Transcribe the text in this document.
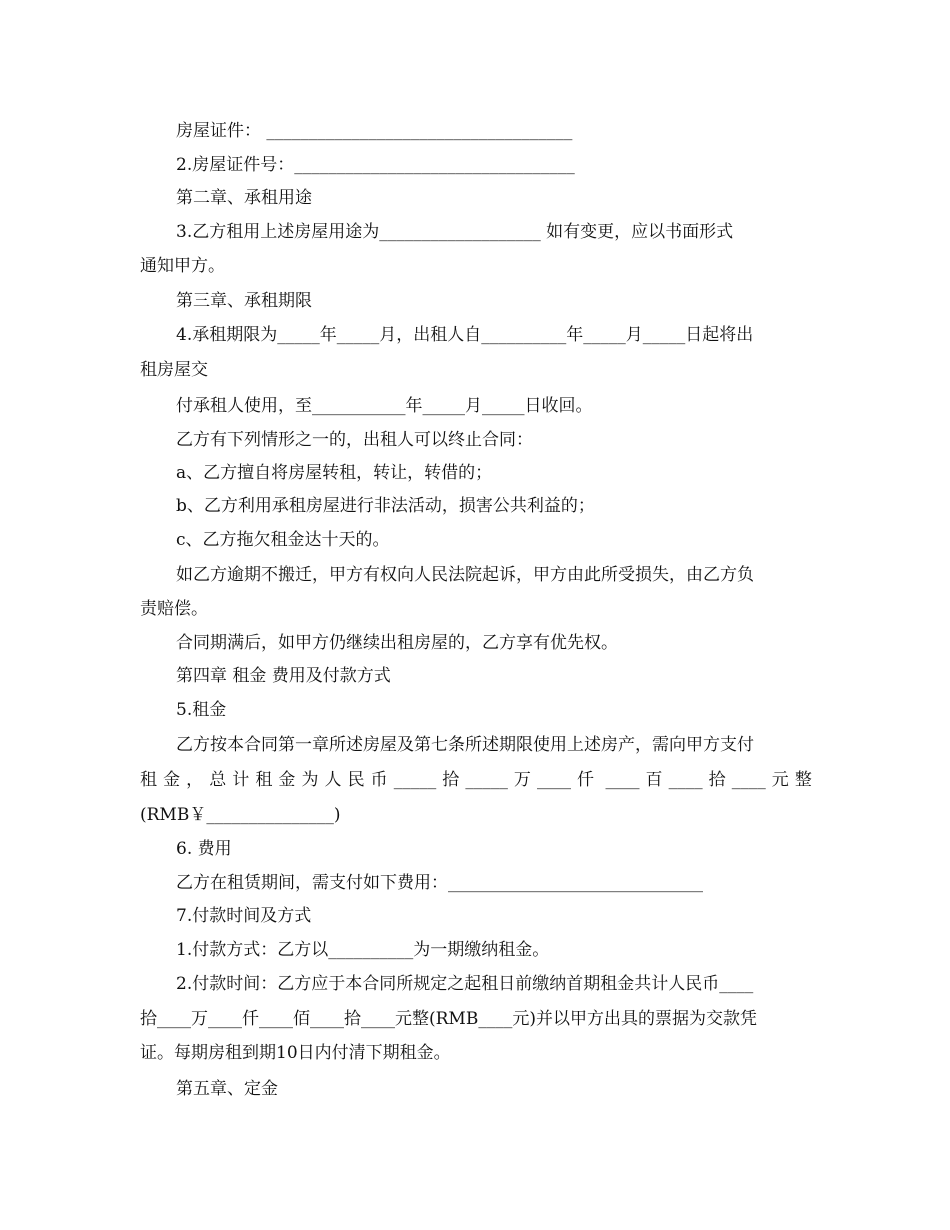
房屋证件： ____________________________________
2.房屋证件号：_________________________________
第二章、承租用途
3.乙方租用上述房屋用途为___________________ 如有变更，应以书面形式
通知甲方。
第三章、承租期限
4.承租期限为_____年_____月，出租人自__________年_____月_____日起将出
租房屋交
付承租人使用，至___________年_____月_____日收回。
乙方有下列情形之一的，出租人可以终止合同：
a、乙方擅自将房屋转租，转让，转借的；
b、乙方利用承租房屋进行非法活动，损害公共利益的；
c、乙方拖欠租金达十天的。
如乙方逾期不搬迁，甲方有权向人民法院起诉，甲方由此所受损失，由乙方负
责赔偿。
合同期满后，如甲方仍继续出租房屋的，乙方享有优先权。
第四章 租金 费用及付款方式
5.租金
乙方按本合同第一章所述房屋及第七条所述期限使用上述房产，需向甲方支付
租 金 ， 总 计 租 金 为 人 民 币 _____ 拾 _____ 万 ____ 仟 ____ 百 ____ 拾 ____ 元 整
(RMB￥_______________)
6. 费用
乙方在租赁期间，需支付如下费用：______________________________
7.付款时间及方式
1.付款方式：乙方以__________为一期缴纳租金。
2.付款时间：乙方应于本合同所规定之起租日前缴纳首期租金共计人民币____
拾____万____仟____佰____拾____元整(RMB____元)并以甲方出具的票据为交款凭
证。每期房租到期10日内付清下期租金。
第五章、定金
